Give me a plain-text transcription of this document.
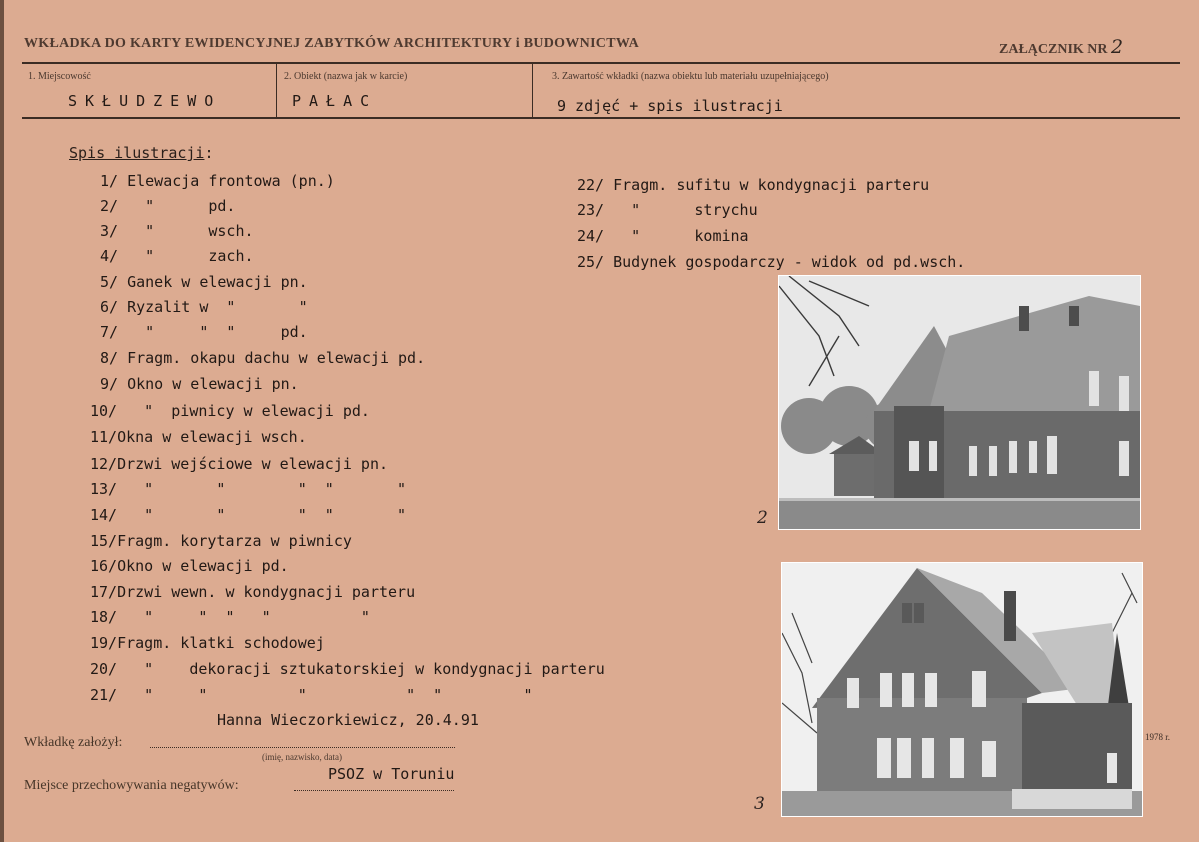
WKŁADKA DO KARTY EWIDENCYJNEJ ZABYTKÓW ARCHITEKTURY i BUDOWNICTWA	ZAŁĄCZNIK NR 2
1. Miejscowość
SKŁUDZEWO
2. Obiekt (nazwa jak w karcie)
PAŁAC
3. Zawartość wkładki (nazwa obiektu lub materiału uzupełniającego)
9 zdjęć + spis ilustracji
Spis ilustracji:
1/ Elewacja frontowa (pn.)
2/   "      pd.
3/   "      wsch.
4/   "      zach.
5/ Ganek w elewacji pn.
6/ Ryzalit w  "       "
7/   "     "  "     pd.
8/ Fragm. okapu dachu w elewacji pd.
9/ Okno w elewacji pn.
10/   "  piwnicy w elewacji pd.
11/Okna w elewacji wsch.
12/Drzwi wejściowe w elewacji pn.
13/   "       "        "  "       "
14/   "       "        "  "       "
15/Fragm. korytarza w piwnicy
16/Okno w elewacji pd.
17/Drzwi wewn. w kondygnacji parteru
18/   "     "  "   "          "
19/Fragm. klatki schodowej
20/   "    dekoracji sztukatorskiej w kondygnacji parteru
21/   "     "          "           "  "         "
22/ Fragm. sufitu w kondygnacji parteru
23/   "      strychu
24/   "      komina
25/ Budynek gospodarczy - widok od pd.wsch.
2
1978 r.
3
Hanna Wieczorkiewicz, 20.4.91
Wkładkę założył:
(imię, nazwisko, data)
PSOZ w Toruniu
Miejsce przechowywania negatywów:
